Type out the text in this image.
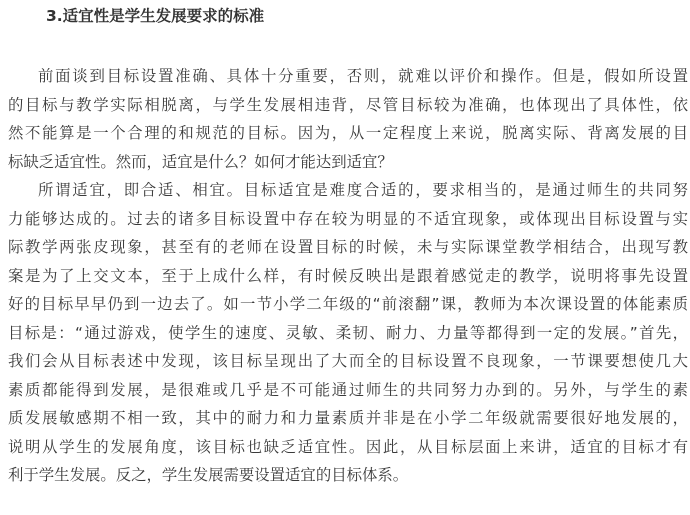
3.适宜性是学生发展要求的标准
前面谈到目标设置准确、具体十分重要，否则，就难以评价和操作。但是，假如所设置
的目标与教学实际相脱离，与学生发展相违背，尽管目标较为准确，也体现出了具体性，依
然不能算是一个合理的和规范的目标。因为，从一定程度上来说，脱离实际、背离发展的目
标缺乏适宜性。然而，适宜是什么？如何才能达到适宜？
所谓适宜，即合适、相宜。目标适宜是难度合适的，要求相当的，是通过师生的共同努
力能够达成的。过去的诸多目标设置中存在较为明显的不适宜现象，或体现出目标设置与实
际教学两张皮现象，甚至有的老师在设置目标的时候，未与实际课堂教学相结合，出现写教
案是为了上交文本，至于上成什么样，有时候反映出是跟着感觉走的教学，说明将事先设置
好的目标早早仍到一边去了。如一节小学二年级的“前滚翻”课，教师为本次课设置的体能素质
目标是：“通过游戏，使学生的速度、灵敏、柔韧、耐力、力量等都得到一定的发展。”首先，
我们会从目标表述中发现，该目标呈现出了大而全的目标设置不良现象，一节课要想使几大
素质都能得到发展，是很难或几乎是不可能通过师生的共同努力办到的。另外，与学生的素
质发展敏感期不相一致，其中的耐力和力量素质并非是在小学二年级就需要很好地发展的，
说明从学生的发展角度，该目标也缺乏适宜性。因此，从目标层面上来讲，适宜的目标才有
利于学生发展。反之，学生发展需要设置适宜的目标体系。
